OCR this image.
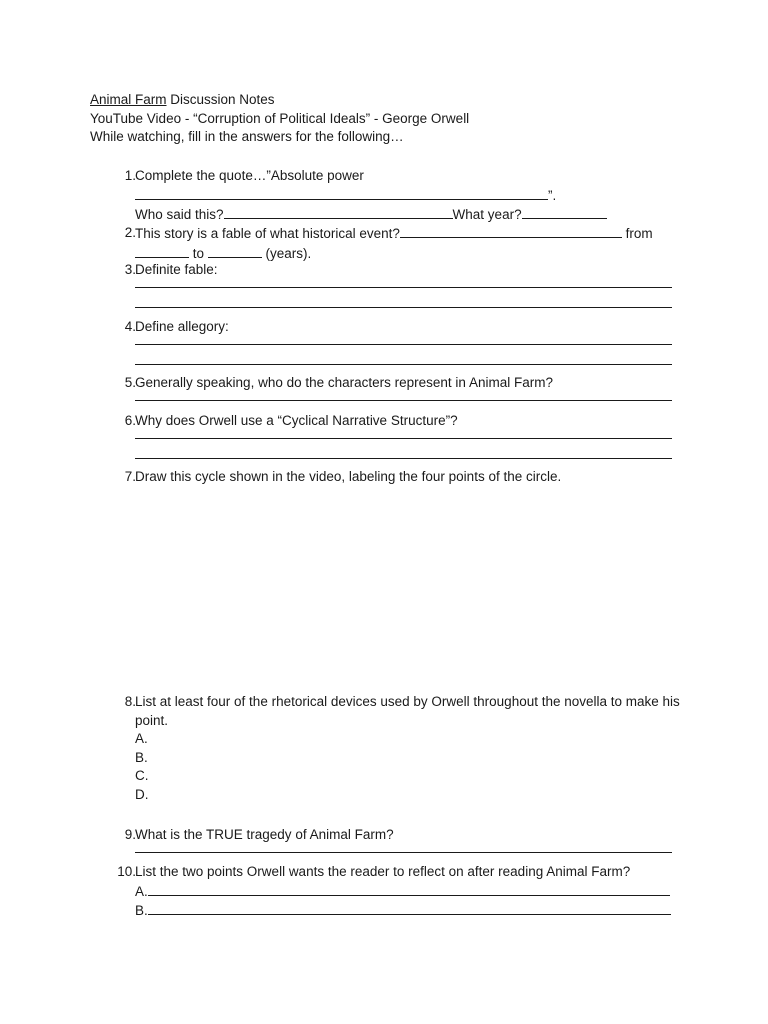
Animal Farm Discussion Notes
YouTube Video - “Corruption of Political Ideals” - George Orwell
While watching, fill in the answers for the following…
1. Complete the quote…”Absolute power
”.
Who said this?	What year?
2. This story is a fable of what historical event?	from
to	(years).
3. Definite fable:
4. Define allegory:
5. Generally speaking, who do the characters represent in Animal Farm?
6. Why does Orwell use a “Cyclical Narrative Structure”?
7. Draw this cycle shown in the video, labeling the four points of the circle.
8. List at least four of the rhetorical devices used by Orwell throughout the novella to make his point.
A.
B.
C.
D.
9. What is the TRUE tragedy of Animal Farm?
10. List the two points Orwell wants the reader to reflect on after reading Animal Farm?
A.
B.
